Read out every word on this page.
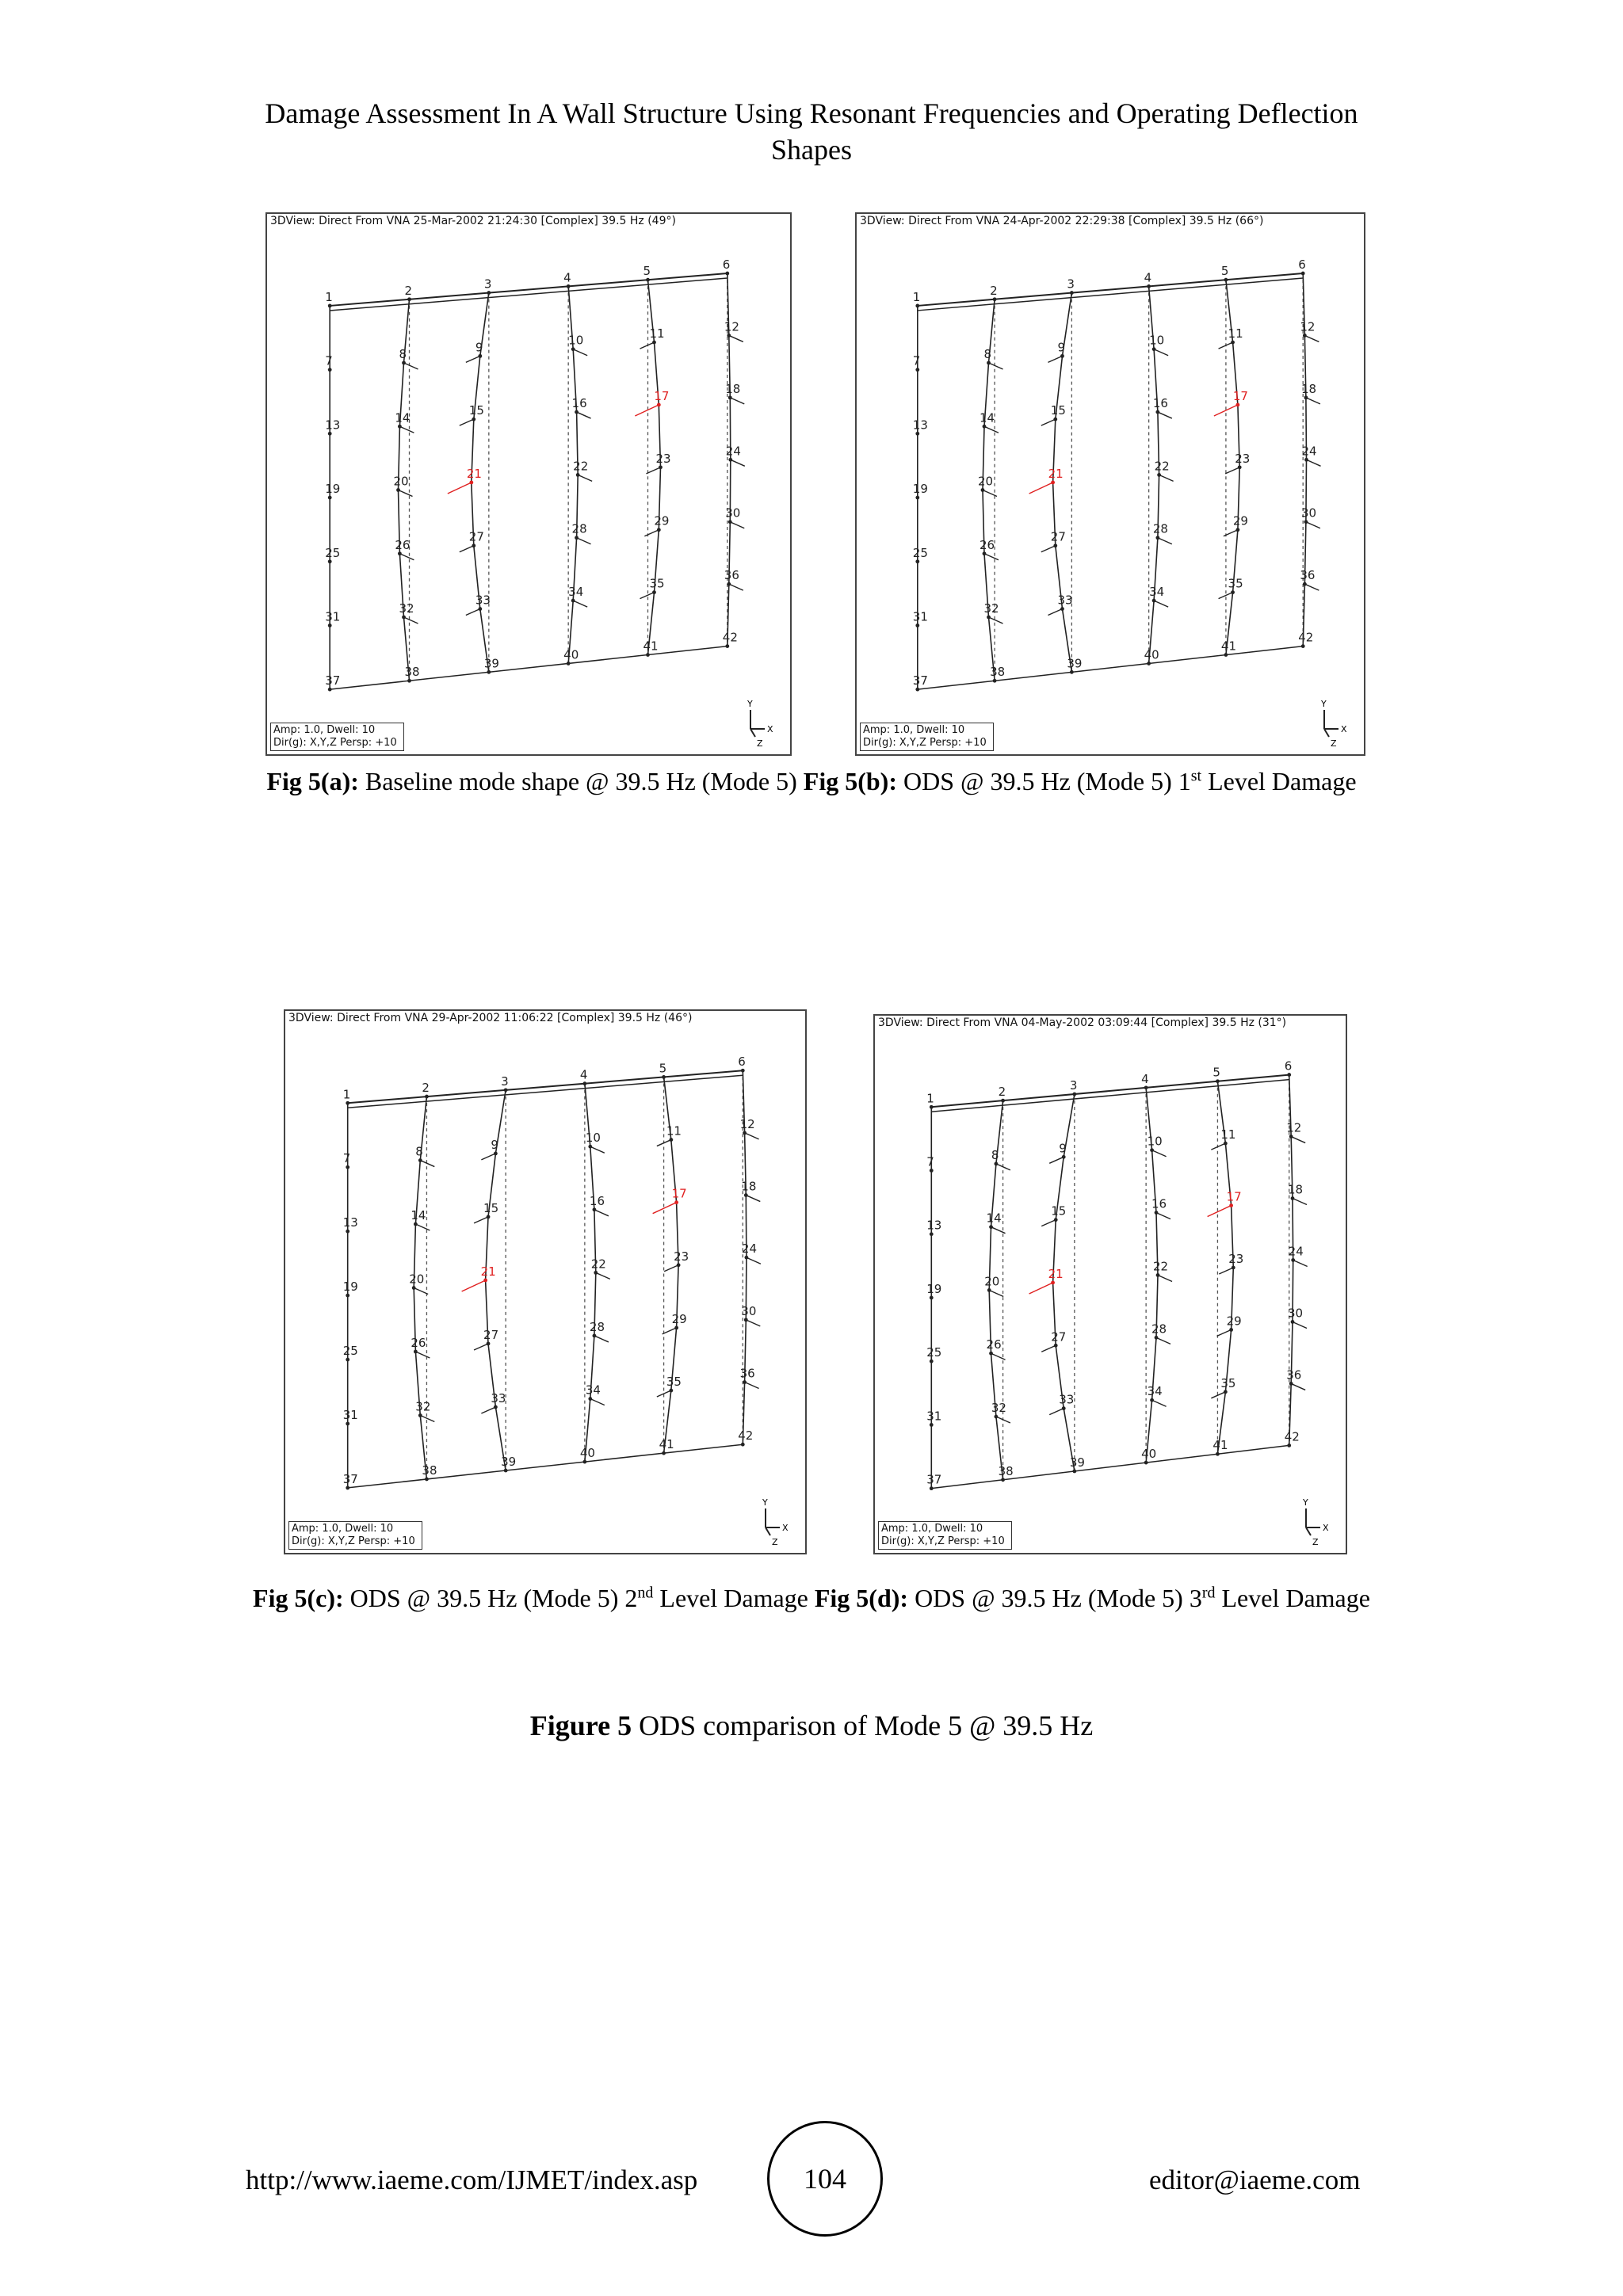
Damage Assessment In A Wall Structure Using Resonant Frequencies and Operating Deflection
Shapes
1	2	3	4	5	6
7	8	9	10	11	12
13
14
15
16
17
18
19
20
21
22
23
24
25
26
27
28
29
30
31
32
33
34
35
36
37
38
39
40
41
42
Y
X
Z
3DView: Direct From VNA 25-Mar-2002 21:24:30 [Complex] 39.5 Hz (49°)
Amp: 1.0, Dwell: 10
Dir(g): X,Y,Z Persp: +10
1	2	3	4	5	6
7	8	9	10	11	12
13
14
15
16
17
18
19
20
21
22
23
24
25
26
27
28
29
30
31
32
33
34
35
36
37
38
39
40
41
42
Y
X
Z
3DView: Direct From VNA 24-Apr-2002 22:29:38 [Complex] 39.5 Hz (66°)
Amp: 1.0, Dwell: 10
Dir(g): X,Y,Z Persp: +10
Fig 5(a): Baseline mode shape @ 39.5 Hz (Mode 5) Fig 5(b): ODS @ 39.5 Hz (Mode 5) 1st Level Damage
1	2	3	4	5	6
7	8	9	10	11	12
13
14
15
16
17
18
19
20
21
22
23
24
25
26
27
28
29
30
31
32
33
34
35
36
37
38
39
40
41
42
Y
X
Z
3DView: Direct From VNA 29-Apr-2002 11:06:22 [Complex] 39.5 Hz (46°)
Amp: 1.0, Dwell: 10
Dir(g): X,Y,Z Persp: +10
1	2	3	4	5	6
7	8	9	10	11	12
13
14
15
16
17
18
19
20
21
22
23
24
25
26
27
28
29
30
31
32
33
34
35
36
37
38
39
40
41
42
Y
X
Z
3DView: Direct From VNA 04-May-2002 03:09:44 [Complex] 39.5 Hz (31°)
Amp: 1.0, Dwell: 10
Dir(g): X,Y,Z Persp: +10
Fig 5(c): ODS @ 39.5 Hz (Mode 5) 2nd Level Damage Fig 5(d): ODS @ 39.5 Hz (Mode 5) 3rd Level Damage
Figure 5 ODS comparison of Mode 5 @ 39.5 Hz
http://www.iaeme.com/IJMET/index.asp	104	editor@iaeme.com
